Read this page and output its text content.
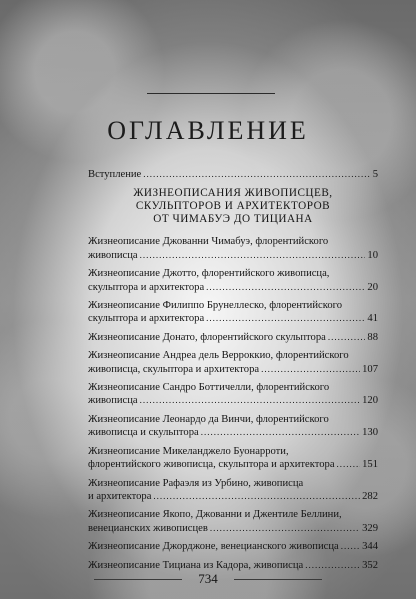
ОГЛАВЛЕНИЕ
Вступление .....	5
ЖИЗНЕОПИСАНИЯ ЖИВОПИСЦЕВ,
СКУЛЬПТОРОВ И АРХИТЕКТОРОВ
ОТ ЧИМАБУЭ ДО ТИЦИАНА
Жизнеописание Джованни Чимабуэ, флорентийского
живописца .....	10
Жизнеописание Джотто, флорентийского живописца,
скульптора и архитектора .....	20
Жизнеописание Филиппо Брунеллеско, флорентийского
скульптора и архитектора .....	41
Жизнеописание Донато, флорентийского скульптора .....	88
Жизнеописание Андреа дель Верроккио, флорентийского
живописца, скульптора и архитектора .....	107
Жизнеописание Сандро Боттичелли, флорентийского
живописца .....	120
Жизнеописание Леонардо да Винчи, флорентийского
живописца и скульптора .....	130
Жизнеописание Микеланджело Буонарроти,
флорентийского живописца, скульптора и архитектора .....	151
Жизнеописание Рафаэля из Урбино, живописца
и архитектора .....	282
Жизнеописание Якопо, Джованни и Джентиле Беллини,
венецианских живописцев .....	329
Жизнеописание Джорджоне, венецианского живописца ..... 344
Жизнеописание Тициана из Кадора, живописца .....	352
734
